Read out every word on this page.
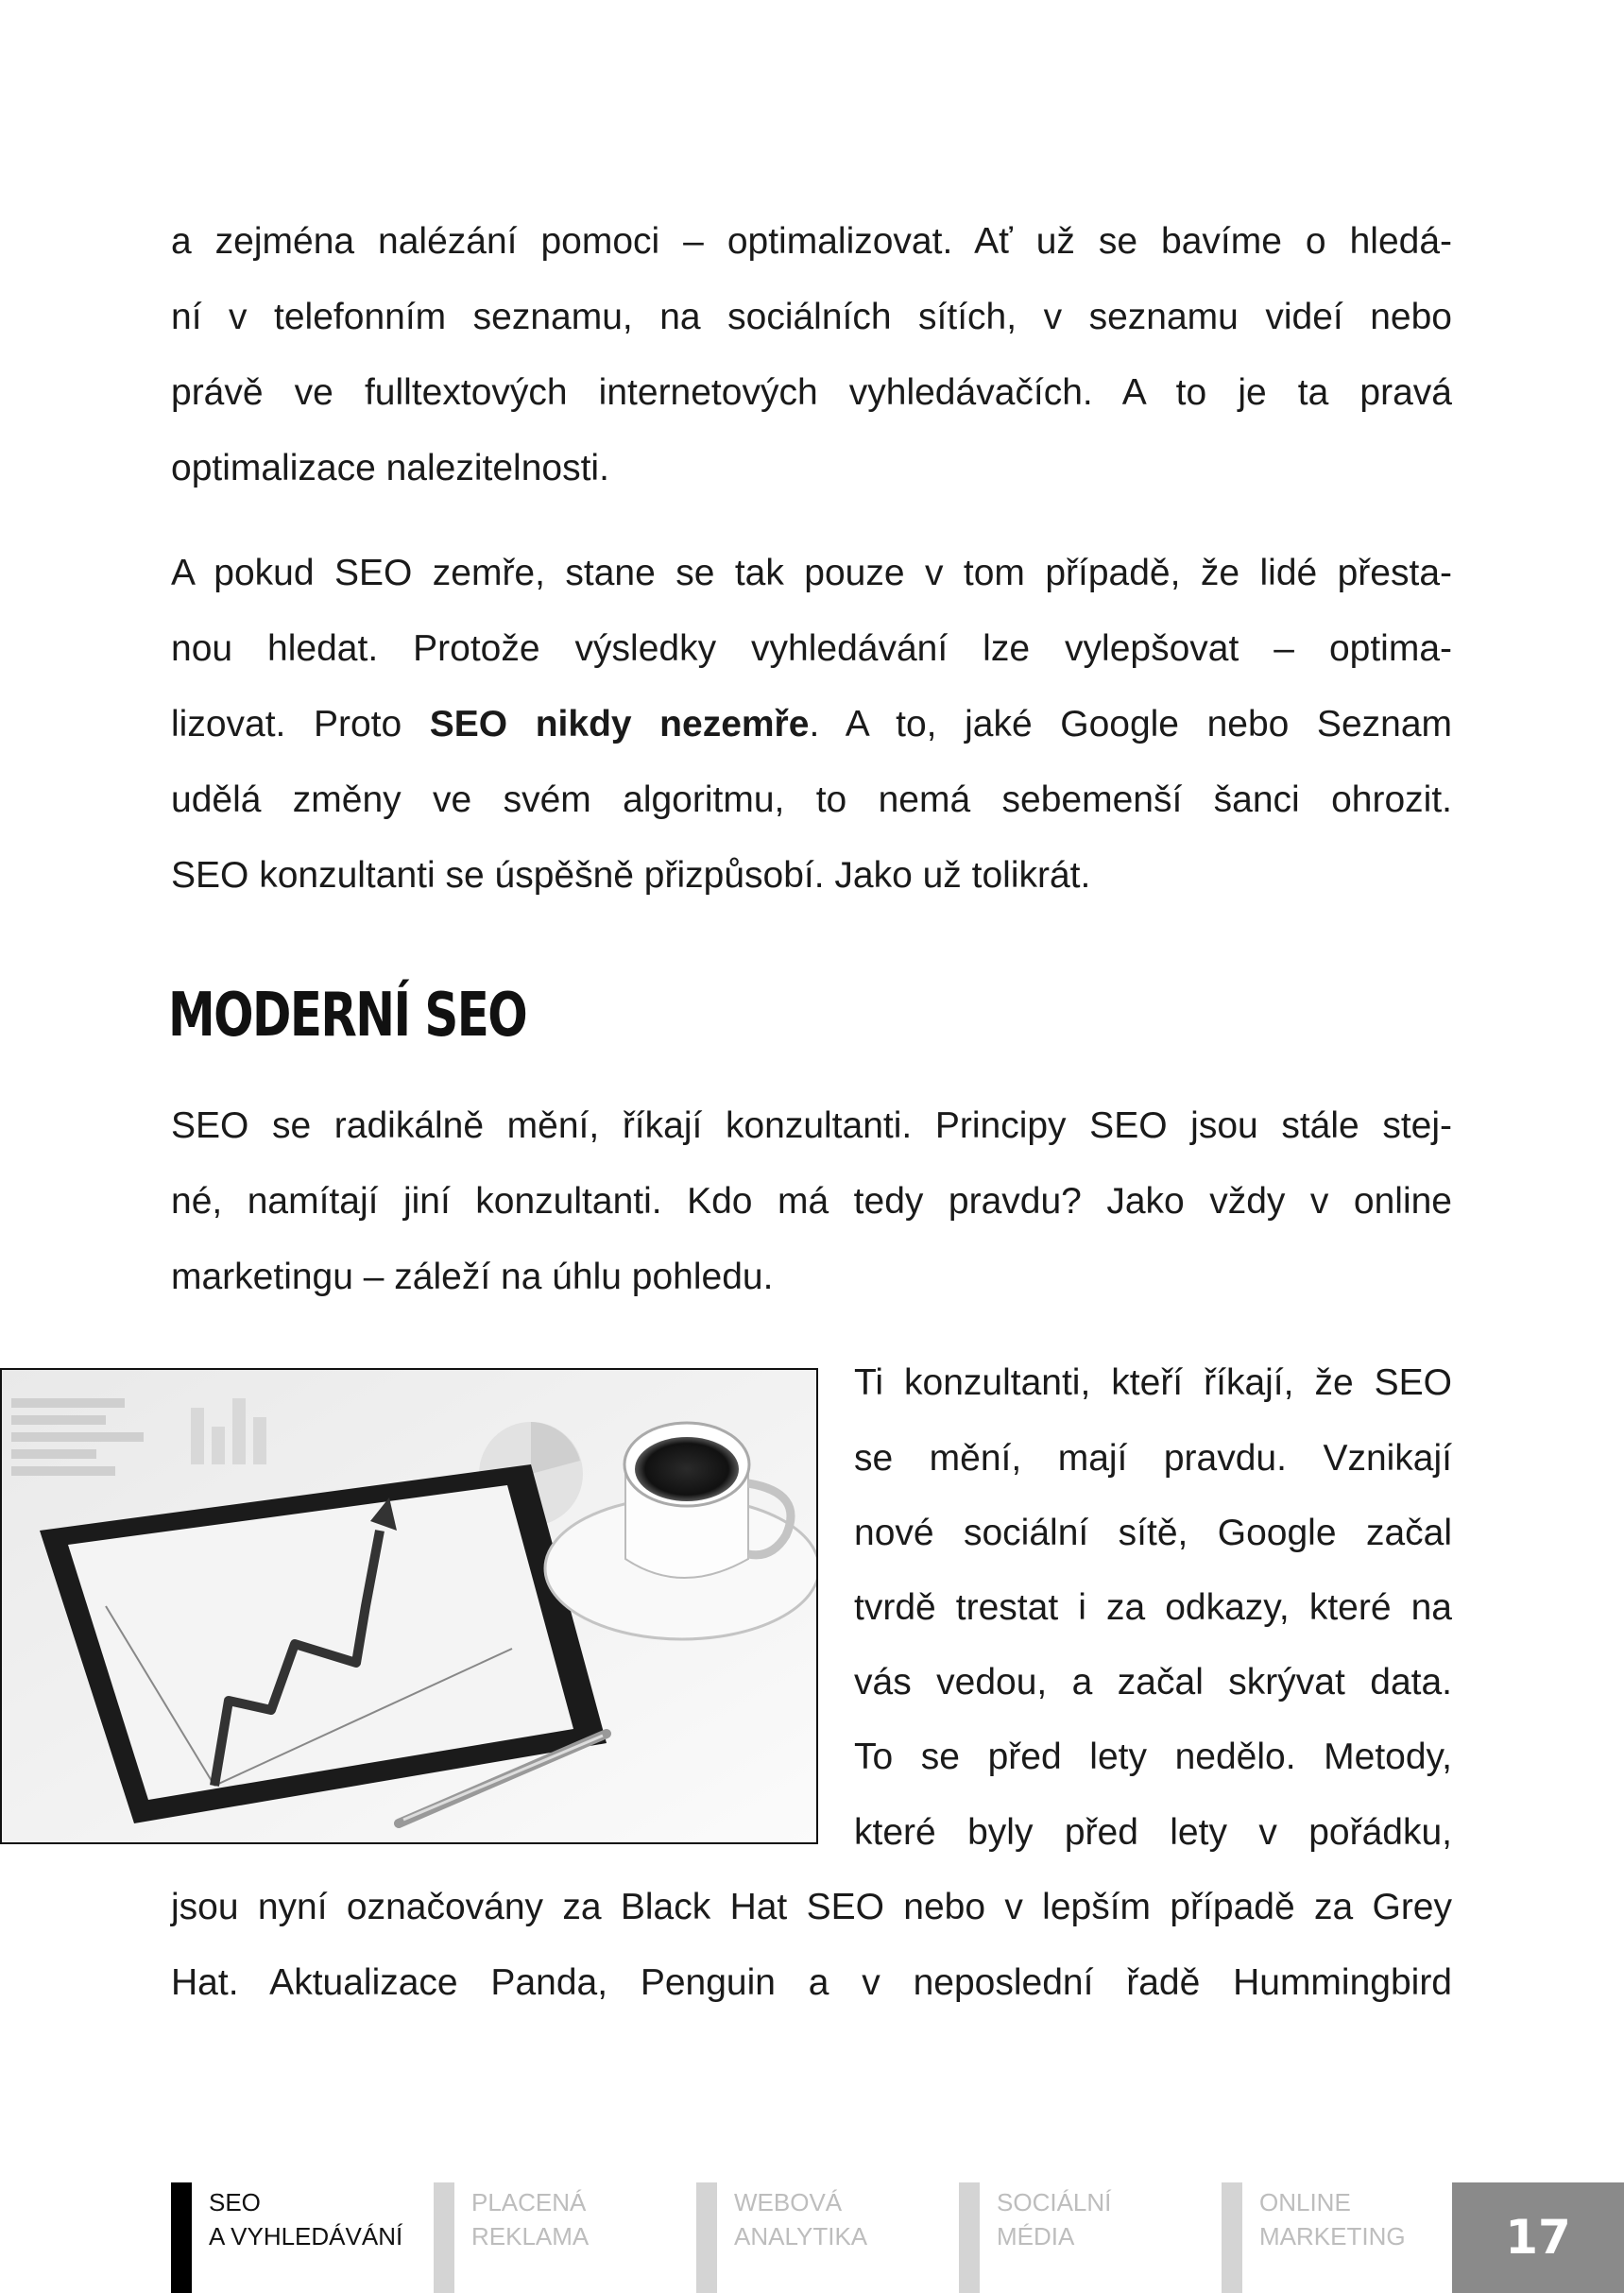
a zejména nalézání pomoci – optimalizovat. Ať už se bavíme o hledá-
ní v telefonním seznamu, na sociálních sítích, v seznamu videí nebo
právě ve fulltextových internetových vyhledávačích. A to je ta pravá
optimalizace nalezitelnosti.
A pokud SEO zemře, stane se tak pouze v tom případě, že lidé přesta-
nou hledat. Protože výsledky vyhledávání lze vylepšovat – optima-
lizovat. Proto SEO nikdy nezemře. A to, jaké Google nebo Seznam
udělá změny ve svém algoritmu, to nemá sebemenší šanci ohrozit.
SEO konzultanti se úspěšně přizpůsobí. Jako už tolikrát.
MODERNÍ SEO
SEO se radikálně mění, říkají konzultanti. Principy SEO jsou stále stej-
né, namítají jiní konzultanti. Kdo má tedy pravdu? Jako vždy v online
marketingu – záleží na úhlu pohledu.
Ti konzultanti, kteří říkají, že SEO
se mění, mají pravdu. Vznikají
nové sociální sítě, Google začal
tvrdě trestat i za odkazy, které na
vás vedou, a začal skrývat data.
To se před lety nedělo. Metody,
které byly před lety v pořádku,
jsou nyní označovány za Black Hat SEO nebo v lepším případě za Grey
Hat. Aktualizace Panda, Penguin a v neposlední řadě Hummingbird
SEO
A VYHLEDÁVÁNÍ
PLACENÁ
REKLAMA
WEBOVÁ
ANALYTIKA
SOCIÁLNÍ
MÉDIA
ONLINE
MARKETING	17
